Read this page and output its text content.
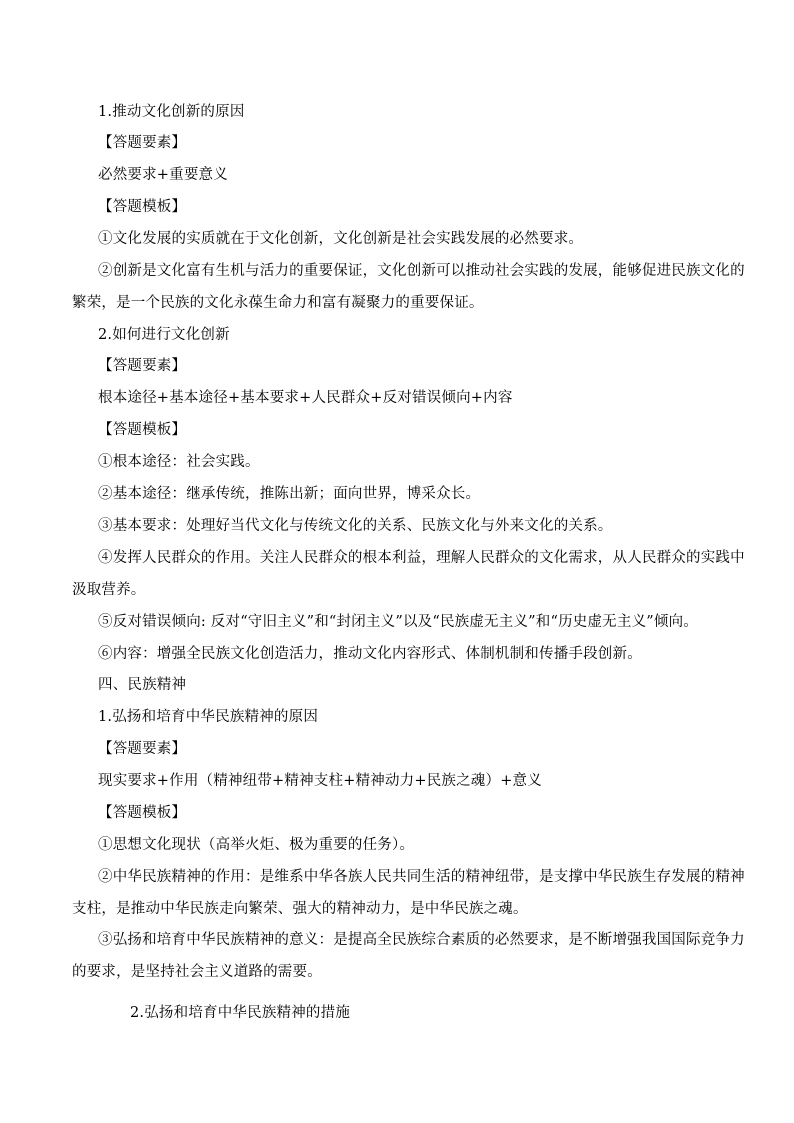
1.推动文化创新的原因
【答题要素】
必然要求+重要意义
【答题模板】
①文化发展的实质就在于文化创新，文化创新是社会实践发展的必然要求。
②创新是文化富有生机与活力的重要保证，文化创新可以推动社会实践的发展，能够促进民族文化的
繁荣，是一个民族的文化永葆生命力和富有凝聚力的重要保证。
2.如何进行文化创新
【答题要素】
根本途径+基本途径+基本要求+人民群众+反对错误倾向+内容
【答题模板】
①根本途径：社会实践。
②基本途径：继承传统，推陈出新；面向世界，博采众长。
③基本要求：处理好当代文化与传统文化的关系、民族文化与外来文化的关系。
④发挥人民群众的作用。关注人民群众的根本利益，理解人民群众的文化需求，从人民群众的实践中
汲取营养。
⑤反对错误倾向: 反对“守旧主义”和“封闭主义”以及“民族虚无主义”和“历史虚无主义”倾向。
⑥内容：增强全民族文化创造活力，推动文化内容形式、体制机制和传播手段创新。
四、民族精神
1.弘扬和培育中华民族精神的原因
【答题要素】
现实要求+作用（精神纽带+精神支柱+精神动力+民族之魂）+意义
【答题模板】
①思想文化现状（高举火炬、极为重要的任务）。
②中华民族精神的作用：是维系中华各族人民共同生活的精神纽带，是支撑中华民族生存发展的精神
支柱，是推动中华民族走向繁荣、强大的精神动力，是中华民族之魂。
③弘扬和培育中华民族精神的意义：是提高全民族综合素质的必然要求，是不断增强我国国际竞争力
的要求，是坚持社会主义道路的需要。
2.弘扬和培育中华民族精神的措施
